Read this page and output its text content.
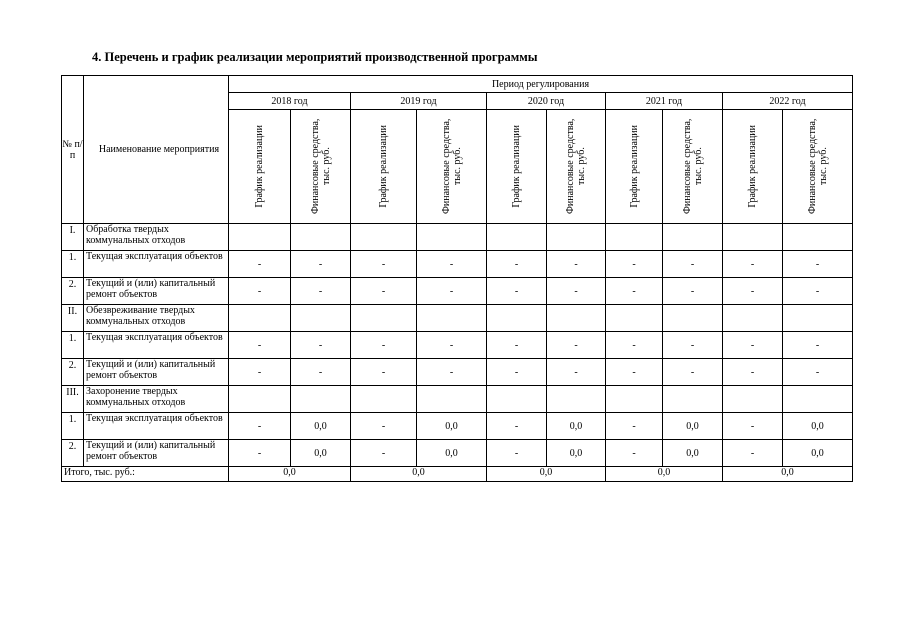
4. Перечень и график реализации мероприятий производственной программы
№ п/п	Наименование мероприятия	Период регулирования									
		2018 год		2019 год		2020 год		2021 год		2022 год	

		График реализации	Финансовые средства, тыс. руб.	График реализации	Финансовые средства, тыс. руб.	График реализации	Финансовые средства, тыс. руб.	График реализации	Финансовые средства, тыс. руб.	График реализации	Финансовые средства, тыс. руб.

I.	Обработка твердых коммунальных отходов										
1.	Текущая эксплуатация объектов	-	-	-	-	-	-	-	-	-	-
2.	Текущий и (или) капитальный ремонт объектов	-	-	-	-	-	-	-	-	-	-
II.	Обезвреживание твердых коммунальных отходов										
1.	Текущая эксплуатация объектов	-	-	-	-	-	-	-	-	-	-
2.	Текущий и (или) капитальный ремонт объектов	-	-	-	-	-	-	-	-	-	-
III.	Захоронение твердых коммунальных отходов										
1.	Текущая эксплуатация объектов	-	0,0	-	0,0	-	0,0	-	0,0	-	0,0
2.	Текущий и (или) капитальный ремонт объектов	-	0,0	-	0,0	-	0,0	-	0,0	-	0,0
Итого, тыс. руб.:		0,0		0,0		0,0		0,0		0,0	
